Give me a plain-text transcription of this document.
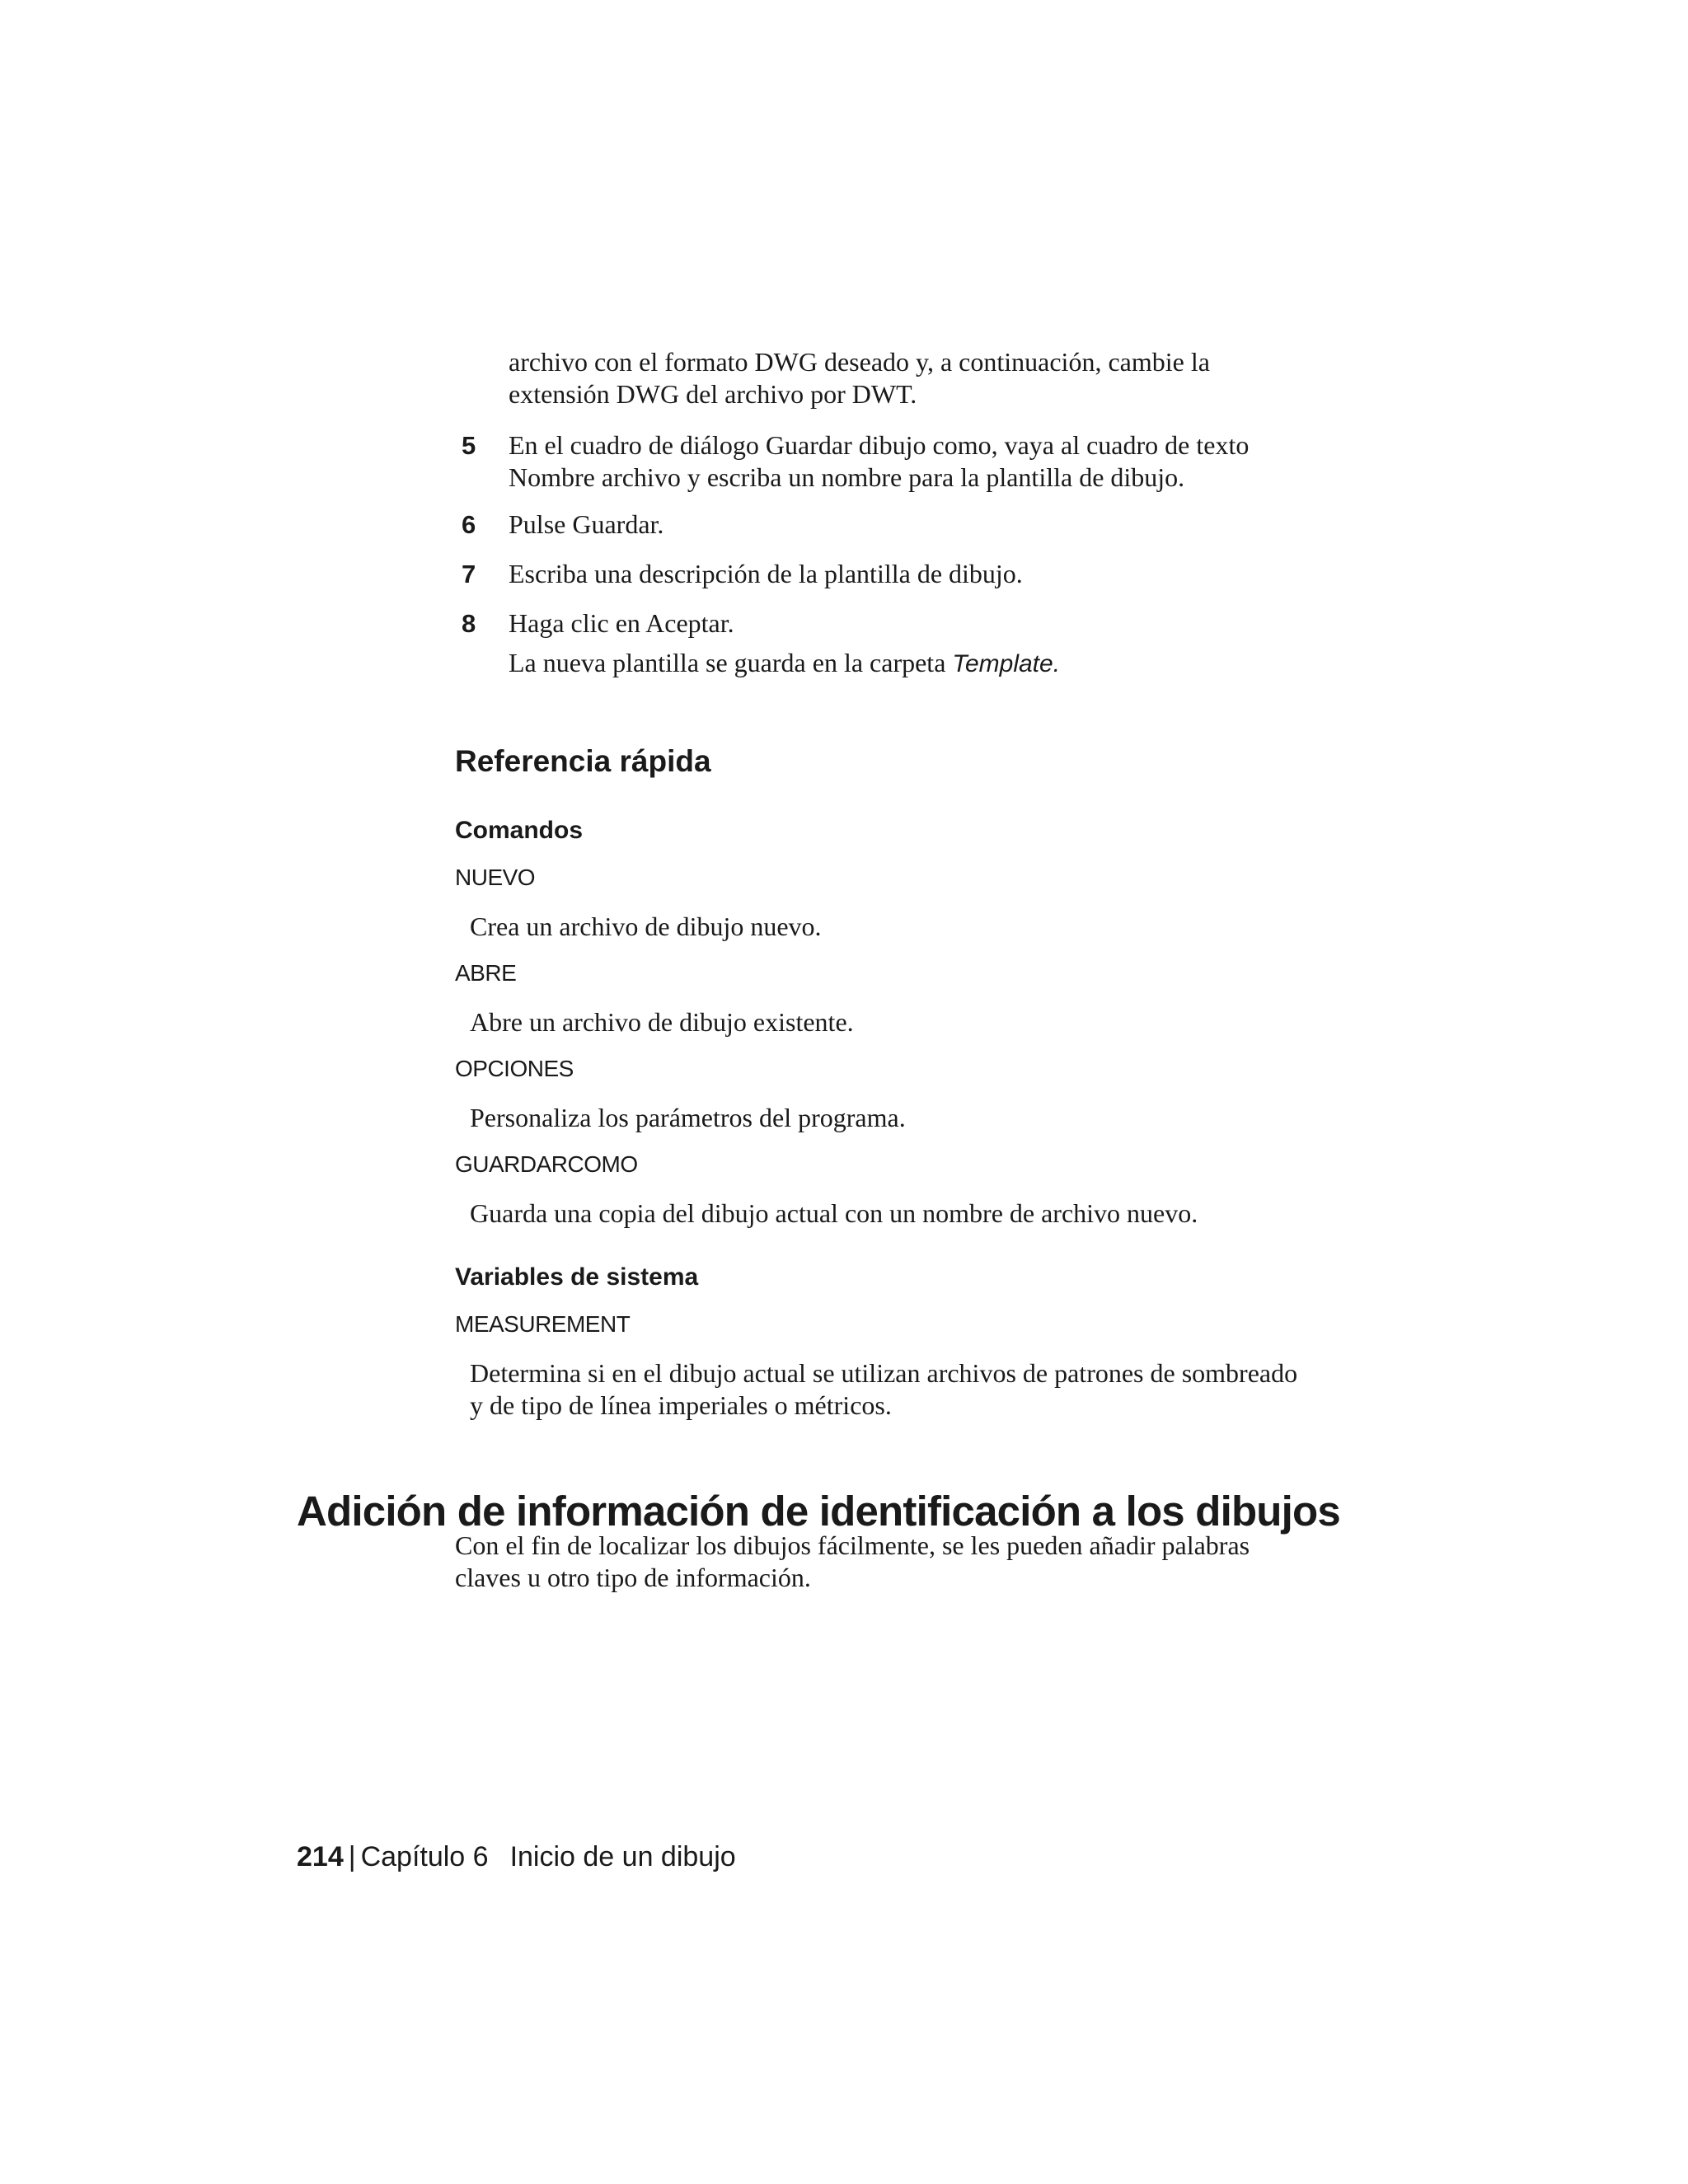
archivo con el formato DWG deseado y, a continuación, cambie la
extensión DWG del archivo por DWT.
5	En el cuadro de diálogo Guardar dibujo como, vaya al cuadro de texto
Nombre archivo y escriba un nombre para la plantilla de dibujo.
6	Pulse Guardar.
7	Escriba una descripción de la plantilla de dibujo.
8	Haga clic en Aceptar.
La nueva plantilla se guarda en la carpeta Template.
Referencia rápida
Comandos
NUEVO
Crea un archivo de dibujo nuevo.
ABRE
Abre un archivo de dibujo existente.
OPCIONES
Personaliza los parámetros del programa.
GUARDARCOMO
Guarda una copia del dibujo actual con un nombre de archivo nuevo.
Variables de sistema
MEASUREMENT
Determina si en el dibujo actual se utilizan archivos de patrones de sombreado
y de tipo de línea imperiales o métricos.
Adición de información de identificación a los dibujos
Con el fin de localizar los dibujos fácilmente, se les pueden añadir palabras
claves u otro tipo de información.
214 | Capítulo 6 Inicio de un dibujo
